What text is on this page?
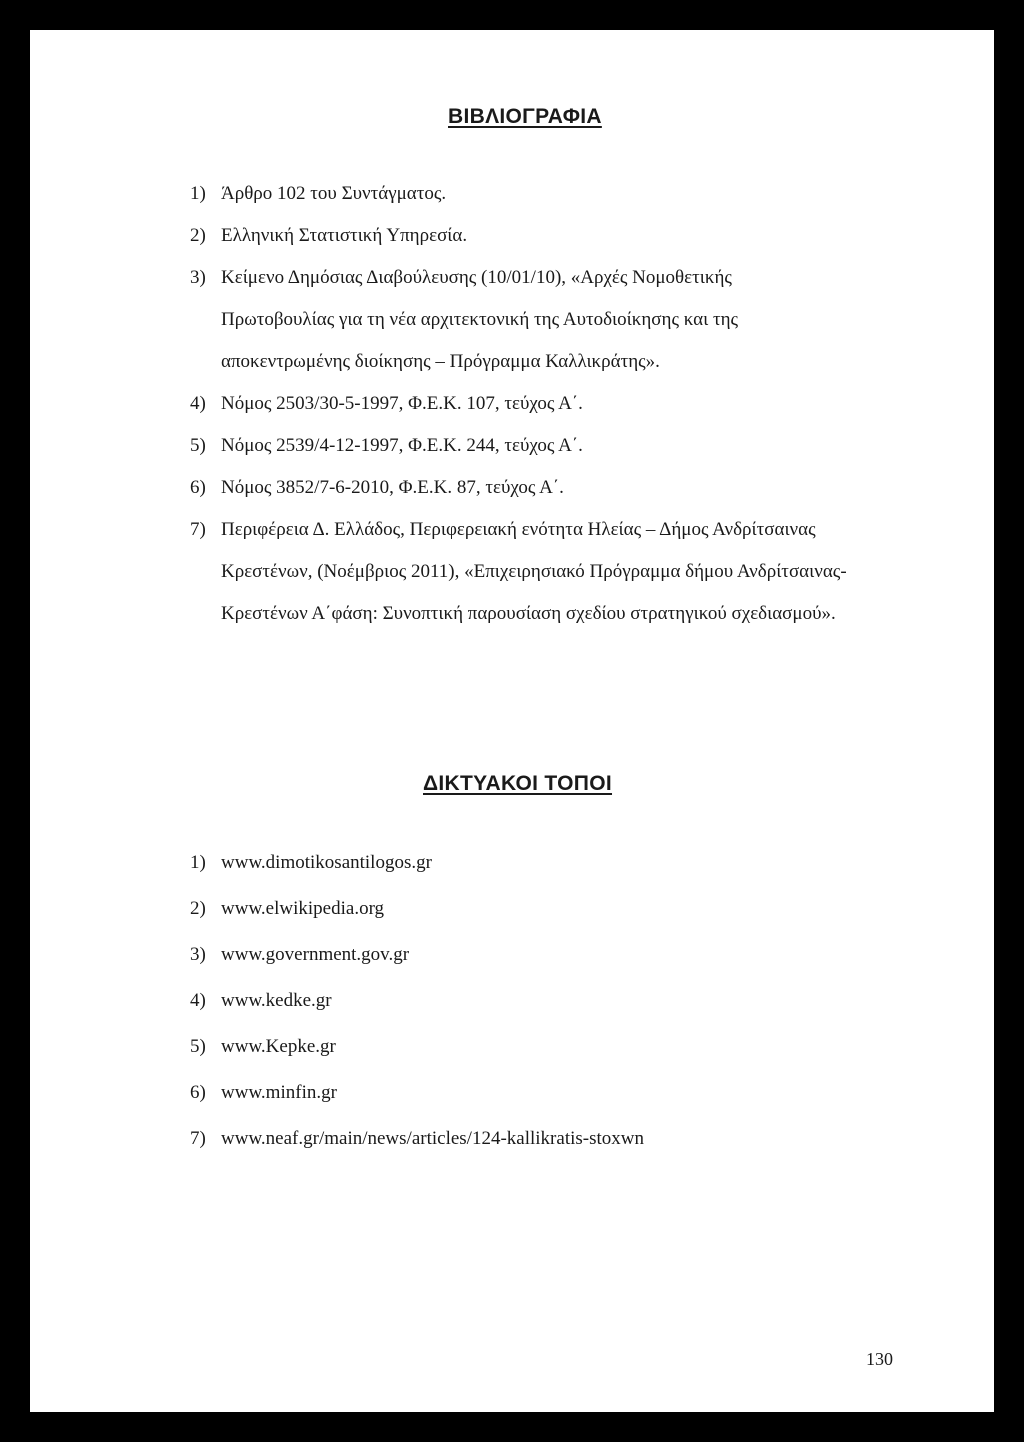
ΒΙΒΛΙΟΓΡΑΦΙΑ
1) Άρθρο 102 του Συντάγματος.
2) Ελληνική Στατιστική Υπηρεσία.
3) Κείμενο Δημόσιας Διαβούλευσης (10/01/10), «Αρχές Νομοθετικής
Πρωτοβουλίας για τη νέα αρχιτεκτονική της Αυτοδιοίκησης και της
αποκεντρωμένης διοίκησης – Πρόγραμμα Καλλικράτης».
4) Νόμος 2503/30-5-1997, Φ.Ε.Κ. 107, τεύχος Α΄.
5) Νόμος 2539/4-12-1997, Φ.Ε.Κ. 244, τεύχος Α΄.
6) Νόμος 3852/7-6-2010, Φ.Ε.Κ. 87, τεύχος Α΄.
7) Περιφέρεια Δ. Ελλάδος, Περιφερειακή ενότητα Ηλείας – Δήμος Ανδρίτσαινας
Κρεστένων, (Νοέμβριος 2011), «Επιχειρησιακό Πρόγραμμα δήμου Ανδρίτσαινας-
Κρεστένων Α΄φάση: Συνοπτική παρουσίαση σχεδίου στρατηγικού σχεδιασμού».
ΔΙΚΤΥΑΚΟΙ ΤΟΠΟΙ
1) www.dimotikosantilogos.gr
2) www.elwikipedia.org
3) www.government.gov.gr
4) www.kedke.gr
5) www.Kepke.gr
6) www.minfin.gr
7) www.neaf.gr/main/news/articles/124-kallikratis-stoxwn
130
